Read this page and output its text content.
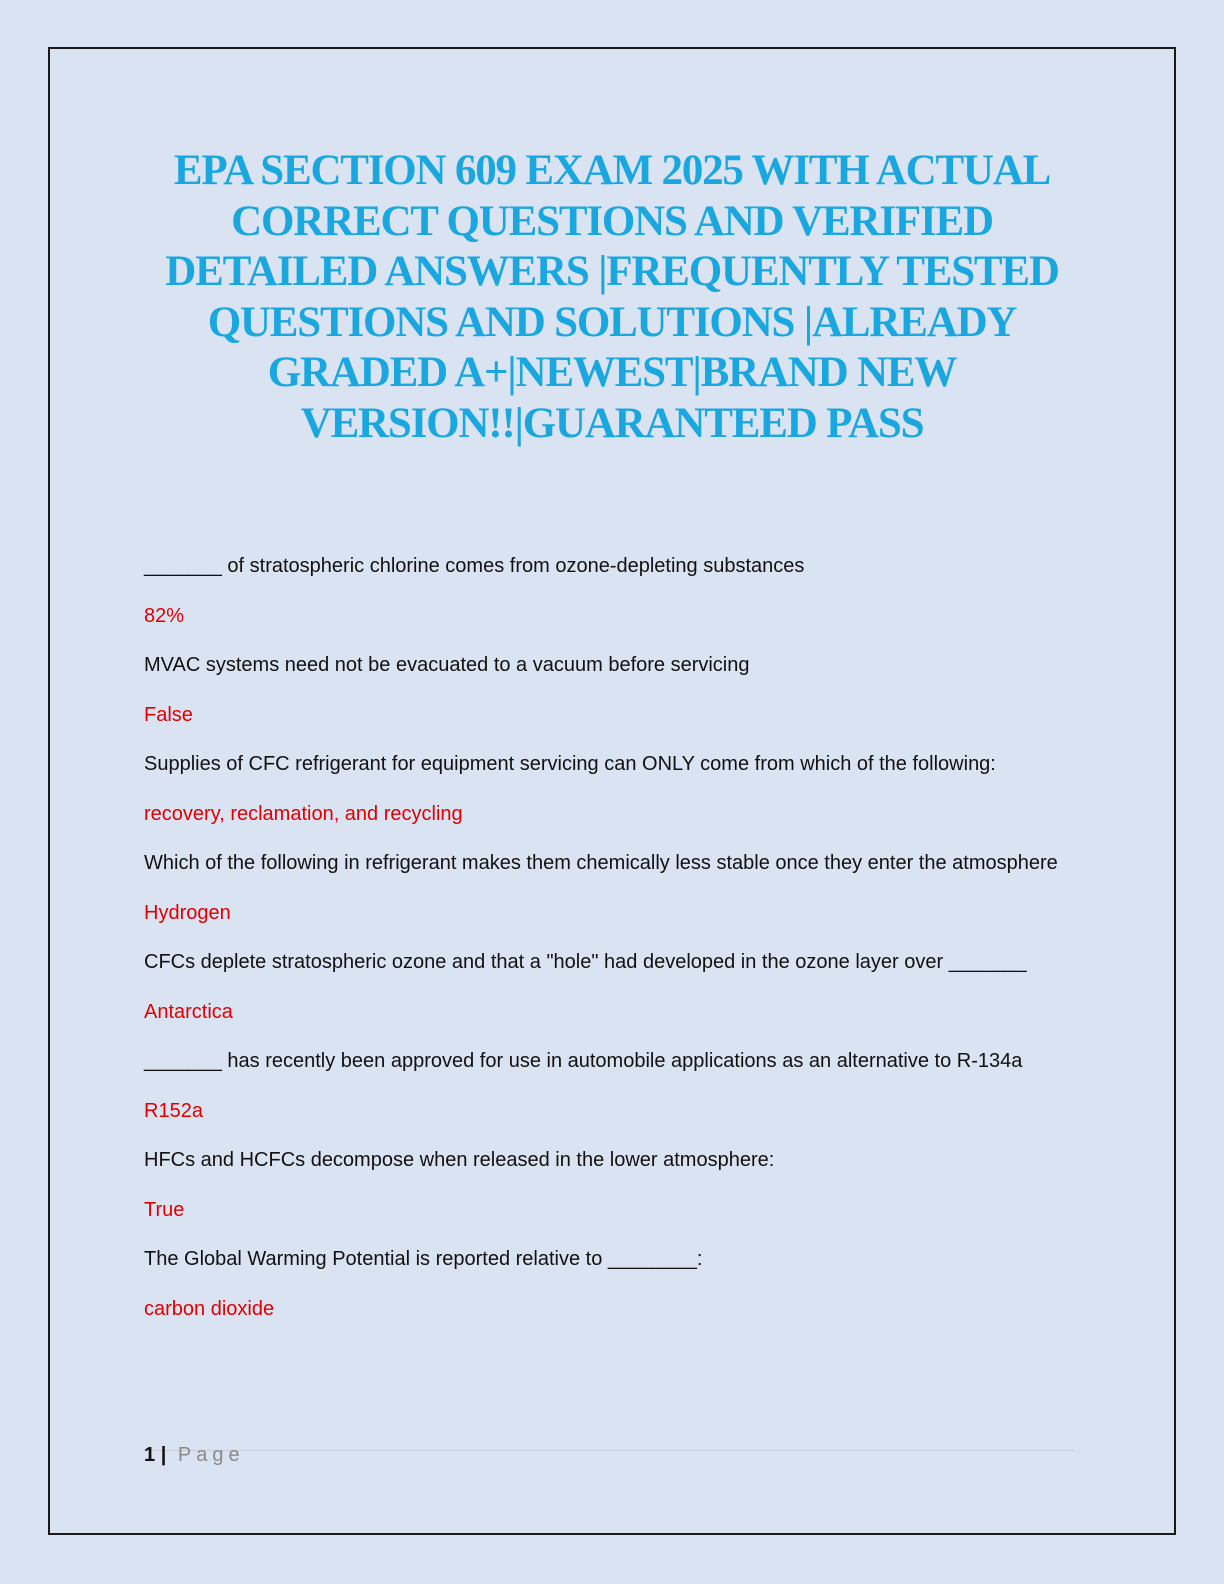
EPA SECTION 609 EXAM 2025 WITH ACTUAL CORRECT QUESTIONS AND VERIFIED DETAILED ANSWERS |FREQUENTLY TESTED QUESTIONS AND SOLUTIONS |ALREADY GRADED A+|NEWEST|BRAND NEW VERSION!!|GUARANTEED PASS

_______ of stratospheric chlorine comes from ozone-depleting substances

82%

MVAC systems need not be evacuated to a vacuum before servicing

False

Supplies of CFC refrigerant for equipment servicing can ONLY come from which of the following:

recovery, reclamation, and recycling

Which of the following in refrigerant makes them chemically less stable once they enter the atmosphere

Hydrogen

CFCs deplete stratospheric ozone and that a "hole" had developed in the ozone layer over _______

Antarctica

_______ has recently been approved for use in automobile applications as an alternative to R-134a

R152a

HFCs and HCFCs decompose when released in the lower atmosphere:

True

The Global Warming Potential is reported relative to ________:

carbon dioxide

1 | Page
